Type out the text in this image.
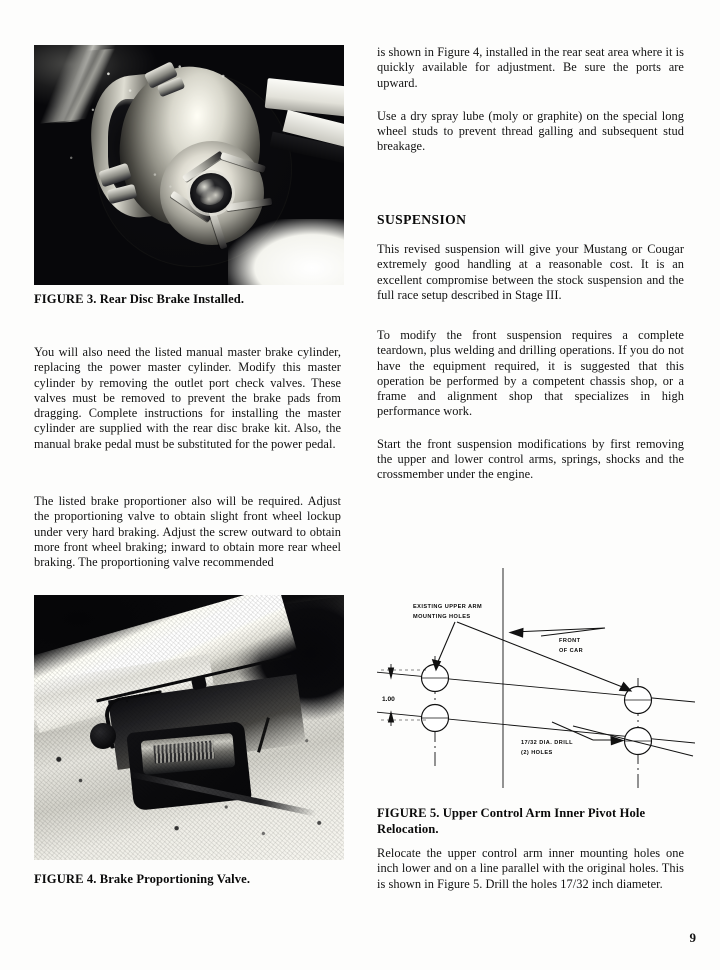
FIGURE 3. Rear Disc Brake Installed.

You will also need the listed manual master brake cylinder, replacing the power master cylinder. Modify this master cylinder by removing the outlet port check valves. These valves must be removed to prevent the brake pads from dragging. Complete instructions for installing the master cylinder are supplied with the rear disc brake kit. Also, the manual brake pedal must be substituted for the power pedal.

The listed brake proportioner also will be required. Adjust the proportioning valve to obtain slight front wheel lockup under very hard braking. Adjust the screw outward to obtain more front wheel braking; inward to obtain more rear wheel braking. The proportioning valve recommended

FIGURE 4. Brake Proportioning Valve.

is shown in Figure 4, installed in the rear seat area where it is quickly available for adjustment. Be sure the ports are upward.

Use a dry spray lube (moly or graphite) on the special long wheel studs to prevent thread galling and subsequent stud breakage.

SUSPENSION

This revised suspension will give your Mustang or Cougar extremely good handling at a reasonable cost. It is an excellent compromise between the stock suspension and the full race setup described in Stage III.

To modify the front suspension requires a complete teardown, plus welding and drilling operations. If you do not have the equipment required, it is suggested that this operation be performed by a competent chassis shop, or a frame and alignment shop that specializes in high performance work.

Start the front suspension modifications by first removing the upper and lower control arms, springs, shocks and the crossmember under the engine.

1.00
EXISTING UPPER ARM
MOUNTING HOLES
FRONT
OF CAR
17/32 DIA. DRILL
(2) HOLES

FIGURE 5. Upper Control Arm Inner Pivot Hole Relocation.

Relocate the upper control arm inner mounting holes one inch lower and on a line parallel with the original holes. This is shown in Figure 5. Drill the holes 17/32 inch diameter.

9
